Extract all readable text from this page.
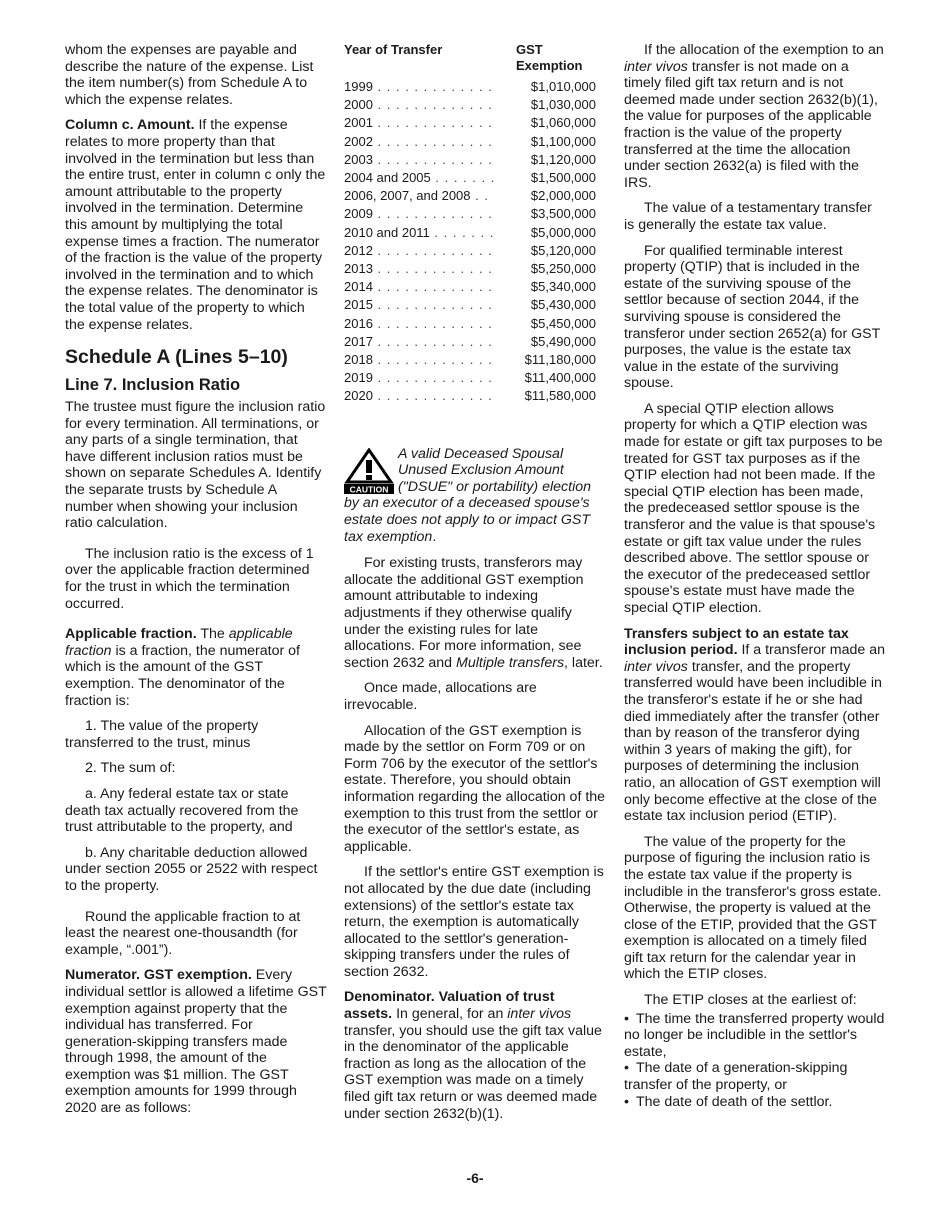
whom the expenses are payable and describe the nature of the expense. List the item number(s) from Schedule A to which the expense relates.

Column c. Amount. If the expense relates to more property than that involved in the termination but less than the entire trust, enter in column c only the amount attributable to the property involved in the termination. Determine this amount by multiplying the total expense times a fraction. The numerator of the fraction is the value of the property involved in the termination and to which the expense relates. The denominator is the total value of the property to which the expense relates.

Schedule A (Lines 5–10)
Line 7. Inclusion Ratio

The trustee must figure the inclusion ratio for every termination. All terminations, or any parts of a single termination, that have different inclusion ratios must be shown on separate Schedules A. Identify the separate trusts by Schedule A number when showing your inclusion ratio calculation.

The inclusion ratio is the excess of 1 over the applicable fraction determined for the trust in which the termination occurred.

Applicable fraction. The applicable fraction is a fraction, the numerator of which is the amount of the GST exemption. The denominator of the fraction is:

1. The value of the property transferred to the trust, minus

2. The sum of:

a. Any federal estate tax or state death tax actually recovered from the trust attributable to the property, and

b. Any charitable deduction allowed under section 2055 or 2522 with respect to the property.

Round the applicable fraction to at least the nearest one-thousandth (for example, “.001”).

Numerator. GST exemption. Every individual settlor is allowed a lifetime GST exemption against property that the individual has transferred. For generation-skipping transfers made through 1998, the amount of the exemption was $1 million. The GST exemption amounts for 1999 through 2020 are as follows:

Year of Transfer	GST Exemption
1999 . . . . . . . . . . . . .	$1,010,000
2000 . . . . . . . . . . . . .	$1,030,000
2001 . . . . . . . . . . . . .	$1,060,000
2002 . . . . . . . . . . . . .	$1,100,000
2003 . . . . . . . . . . . . .	$1,120,000
2004 and 2005 . . . . . . .	$1,500,000
2006, 2007, and 2008 . .	$2,000,000
2009 . . . . . . . . . . . . .	$3,500,000
2010 and 2011 . . . . . . .	$5,000,000
2012 . . . . . . . . . . . . .	$5,120,000
2013 . . . . . . . . . . . . .	$5,250,000
2014 . . . . . . . . . . . . .	$5,340,000
2015 . . . . . . . . . . . . .	$5,430,000
2016 . . . . . . . . . . . . .	$5,450,000
2017 . . . . . . . . . . . . .	$5,490,000
2018 . . . . . . . . . . . . .	$11,180,000
2019 . . . . . . . . . . . . .	$11,400,000
2020 . . . . . . . . . . . . .	$11,580,000
CAUTION

A valid Deceased Spousal Unused Exclusion Amount ("DSUE" or portability) election by an executor of a deceased spouse's estate does not apply to or impact GST tax exemption.

For existing trusts, transferors may allocate the additional GST exemption amount attributable to indexing adjustments if they otherwise qualify under the existing rules for late allocations. For more information, see section 2632 and Multiple transfers, later.

Once made, allocations are irrevocable.

Allocation of the GST exemption is made by the settlor on Form 709 or on Form 706 by the executor of the settlor's estate. Therefore, you should obtain information regarding the allocation of the exemption to this trust from the settlor or the executor of the settlor's estate, as applicable.

If the settlor's entire GST exemption is not allocated by the due date (including extensions) of the settlor's estate tax return, the exemption is automatically allocated to the settlor's generation-skipping transfers under the rules of section 2632.

Denominator. Valuation of trust assets. In general, for an inter vivos transfer, you should use the gift tax value in the denominator of the applicable fraction as long as the allocation of the GST exemption was made on a timely filed gift tax return or was deemed made under section 2632(b)(1).

If the allocation of the exemption to an inter vivos transfer is not made on a timely filed gift tax return and is not deemed made under section 2632(b)(1), the value for purposes of the applicable fraction is the value of the property transferred at the time the allocation under section 2632(a) is filed with the IRS.

The value of a testamentary transfer is generally the estate tax value.

For qualified terminable interest property (QTIP) that is included in the estate of the surviving spouse of the settlor because of section 2044, if the surviving spouse is considered the transferor under section 2652(a) for GST purposes, the value is the estate tax value in the estate of the surviving spouse.

A special QTIP election allows property for which a QTIP election was made for estate or gift tax purposes to be treated for GST tax purposes as if the QTIP election had not been made. If the special QTIP election has been made, the predeceased settlor spouse is the transferor and the value is that spouse's estate or gift tax value under the rules described above. The settlor spouse or the executor of the predeceased settlor spouse's estate must have made the special QTIP election.

Transfers subject to an estate tax inclusion period. If a transferor made an inter vivos transfer, and the property transferred would have been includible in the transferor's estate if he or she had died immediately after the transfer (other than by reason of the transferor dying within 3 years of making the gift), for purposes of determining the inclusion ratio, an allocation of GST exemption will only become effective at the close of the estate tax inclusion period (ETIP).

The value of the property for the purpose of figuring the inclusion ratio is the estate tax value if the property is includible in the transferor's gross estate. Otherwise, the property is valued at the close of the ETIP, provided that the GST exemption is allocated on a timely filed gift tax return for the calendar year in which the ETIP closes.

The ETIP closes at the earliest of:

• The time the transferred property would no longer be includible in the settlor's estate,

• The date of a generation-skipping transfer of the property, or

• The date of death of the settlor.

-6-
